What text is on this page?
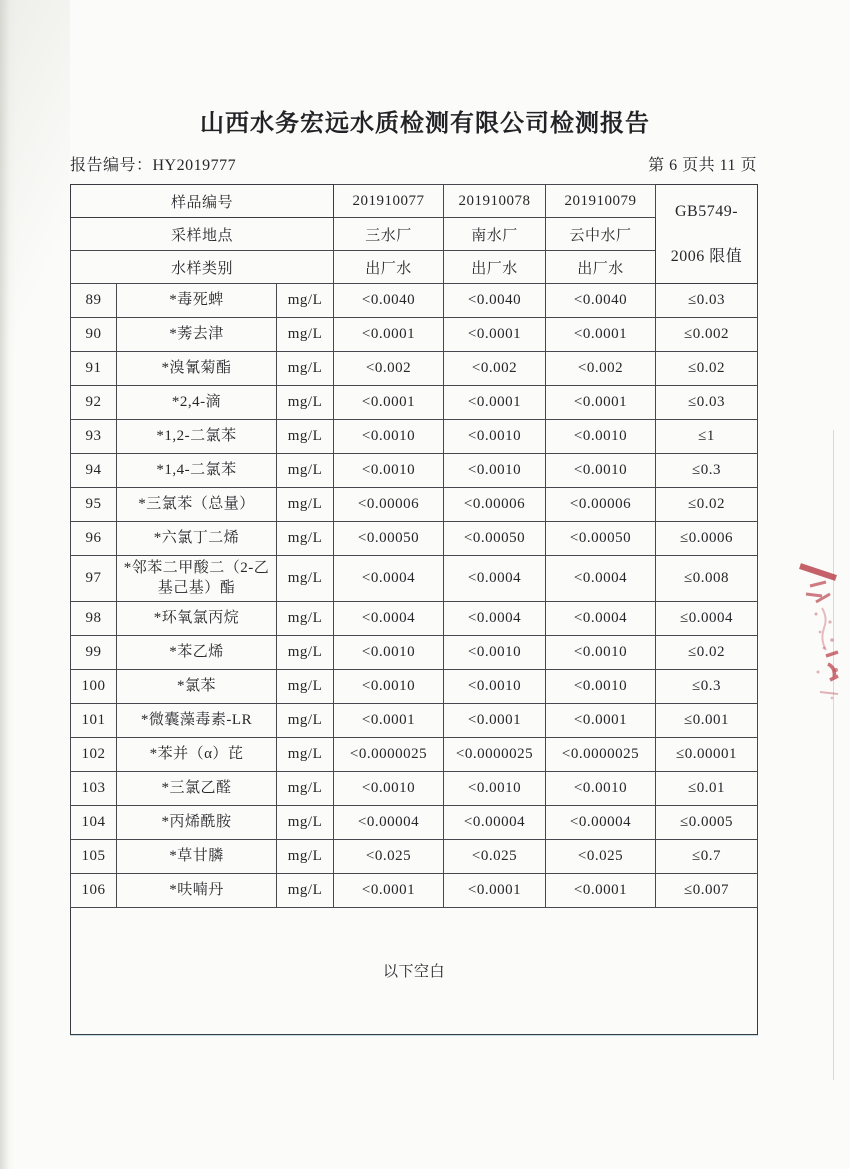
山西水务宏远水质检测有限公司检测报告
报告编号：HY2019777	第 6 页共 11 页
样品编号			201910077	201910078	201910079	GB5749-
2006 限值

采样地点			三水厂	南水厂	云中水厂	
水样类别			出厂水	出厂水	出厂水	
89	*毒死蜱	mg/L	<0.0040	<0.0040	<0.0040	≤0.03
90	*莠去津	mg/L	<0.0001	<0.0001	<0.0001	≤0.002
91	*溴氰菊酯	mg/L	<0.002	<0.002	<0.002	≤0.02
92	*2,4-滴	mg/L	<0.0001	<0.0001	<0.0001	≤0.03
93	*1,2-二氯苯	mg/L	<0.0010	<0.0010	<0.0010	≤1
94	*1,4-二氯苯	mg/L	<0.0010	<0.0010	<0.0010	≤0.3
95	*三氯苯（总量）	mg/L	<0.00006	<0.00006	<0.00006	≤0.02
96	*六氯丁二烯	mg/L	<0.00050	<0.00050	<0.00050	≤0.0006
97	*邻苯二甲酸二（2-乙基己基）酯	mg/L	<0.0004	<0.0004	<0.0004	≤0.008
98	*环氧氯丙烷	mg/L	<0.0004	<0.0004	<0.0004	≤0.0004
99	*苯乙烯	mg/L	<0.0010	<0.0010	<0.0010	≤0.02
100	*氯苯	mg/L	<0.0010	<0.0010	<0.0010	≤0.3
101	*微囊藻毒素-LR	mg/L	<0.0001	<0.0001	<0.0001	≤0.001
102	*苯并（α）芘	mg/L	<0.0000025	<0.0000025	<0.0000025	≤0.00001
103	*三氯乙醛	mg/L	<0.0010	<0.0010	<0.0010	≤0.01
104	*丙烯酰胺	mg/L	<0.00004	<0.00004	<0.00004	≤0.0005
105	*草甘膦	mg/L	<0.025	<0.025	<0.025	≤0.7
106	*呋喃丹	mg/L	<0.0001	<0.0001	<0.0001	≤0.007
以下空白						
